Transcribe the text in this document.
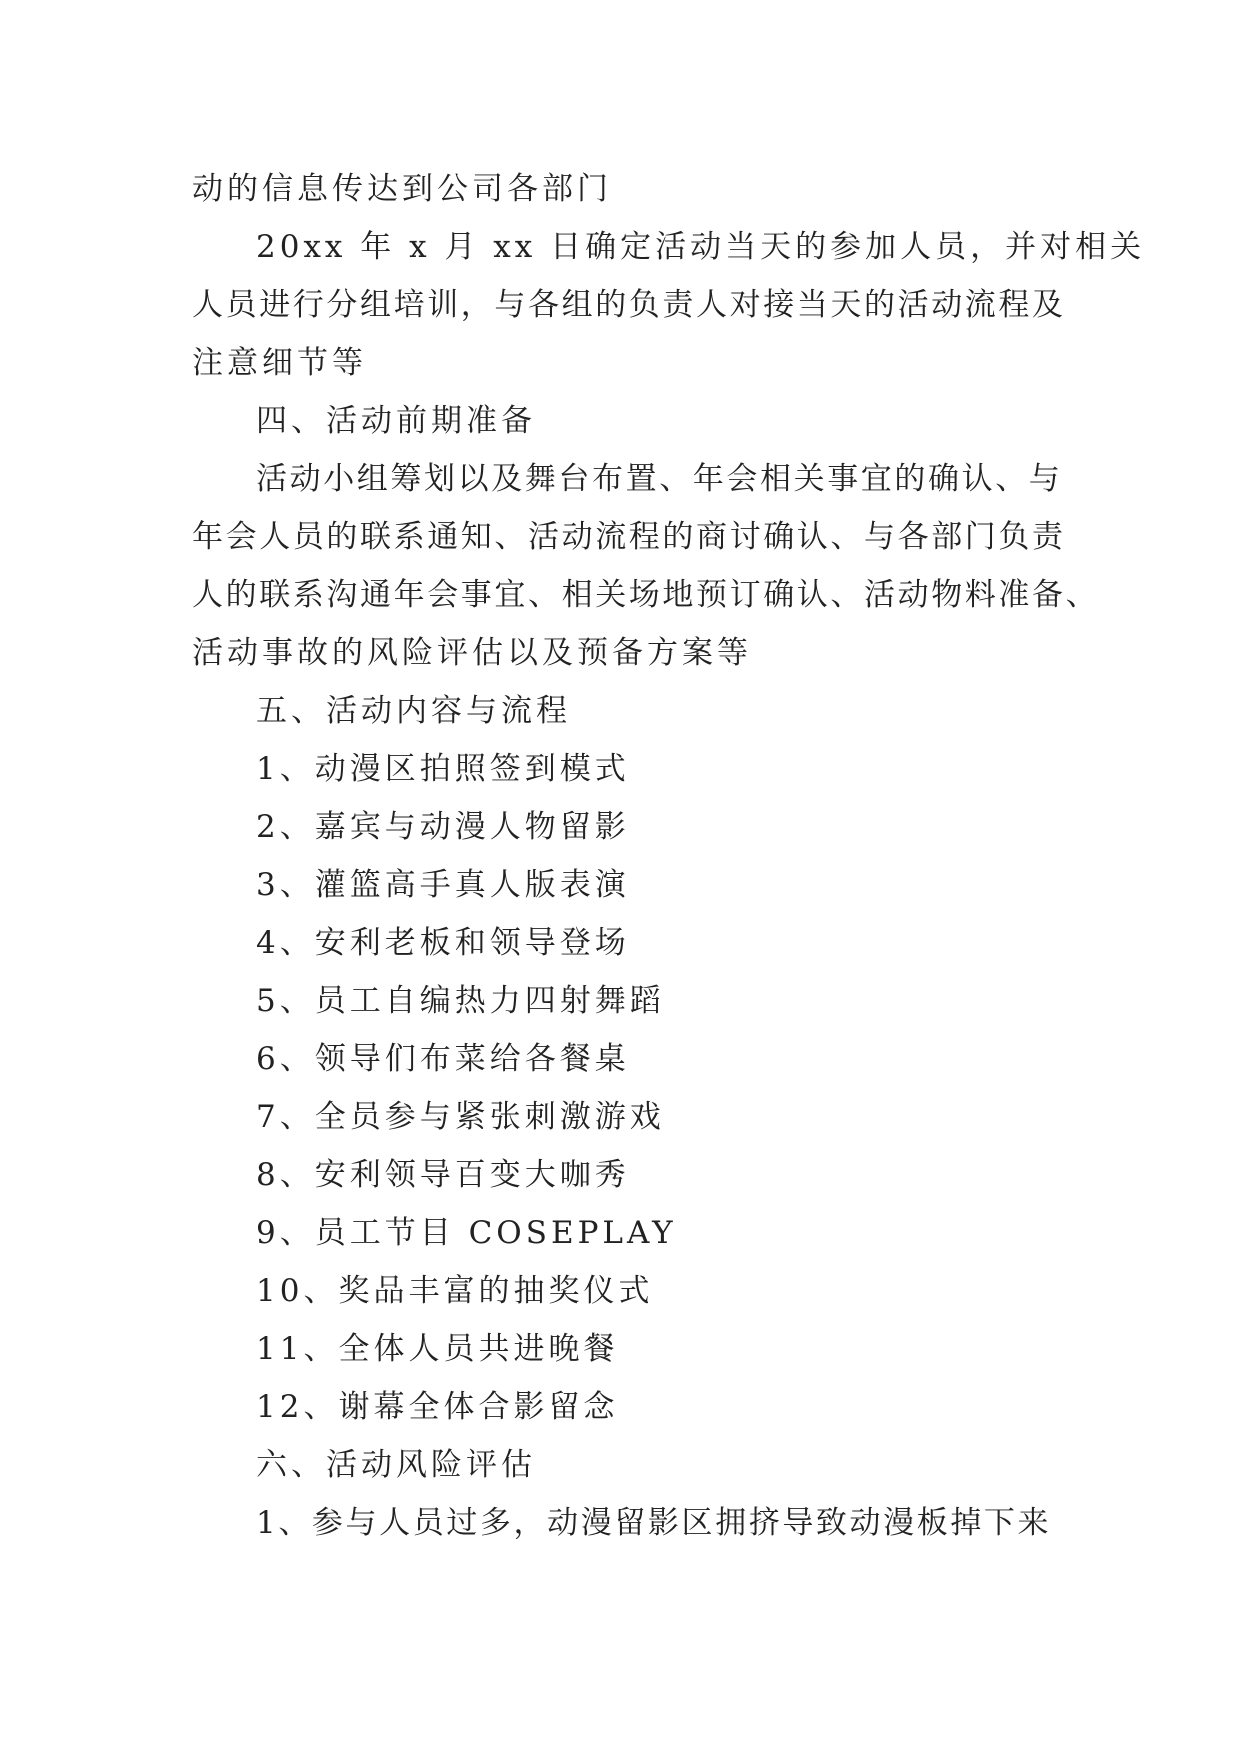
动的信息传达到公司各部门
20xx 年 x 月 xx 日确定活动当天的参加人员，并对相关
人员进行分组培训，与各组的负责人对接当天的活动流程及
注意细节等
四、活动前期准备
活动小组筹划以及舞台布置、年会相关事宜的确认、与
年会人员的联系通知、活动流程的商讨确认、与各部门负责
人的联系沟通年会事宜、相关场地预订确认、活动物料准备、
活动事故的风险评估以及预备方案等
五、活动内容与流程
1、动漫区拍照签到模式
2、嘉宾与动漫人物留影
3、灌篮高手真人版表演
4、安利老板和领导登场
5、员工自编热力四射舞蹈
6、领导们布菜给各餐桌
7、全员参与紧张刺激游戏
8、安利领导百变大咖秀
9、员工节目 COSEPLAY
10、奖品丰富的抽奖仪式
11、全体人员共进晚餐
12、谢幕全体合影留念
六、活动风险评估
1、参与人员过多，动漫留影区拥挤导致动漫板掉下来
